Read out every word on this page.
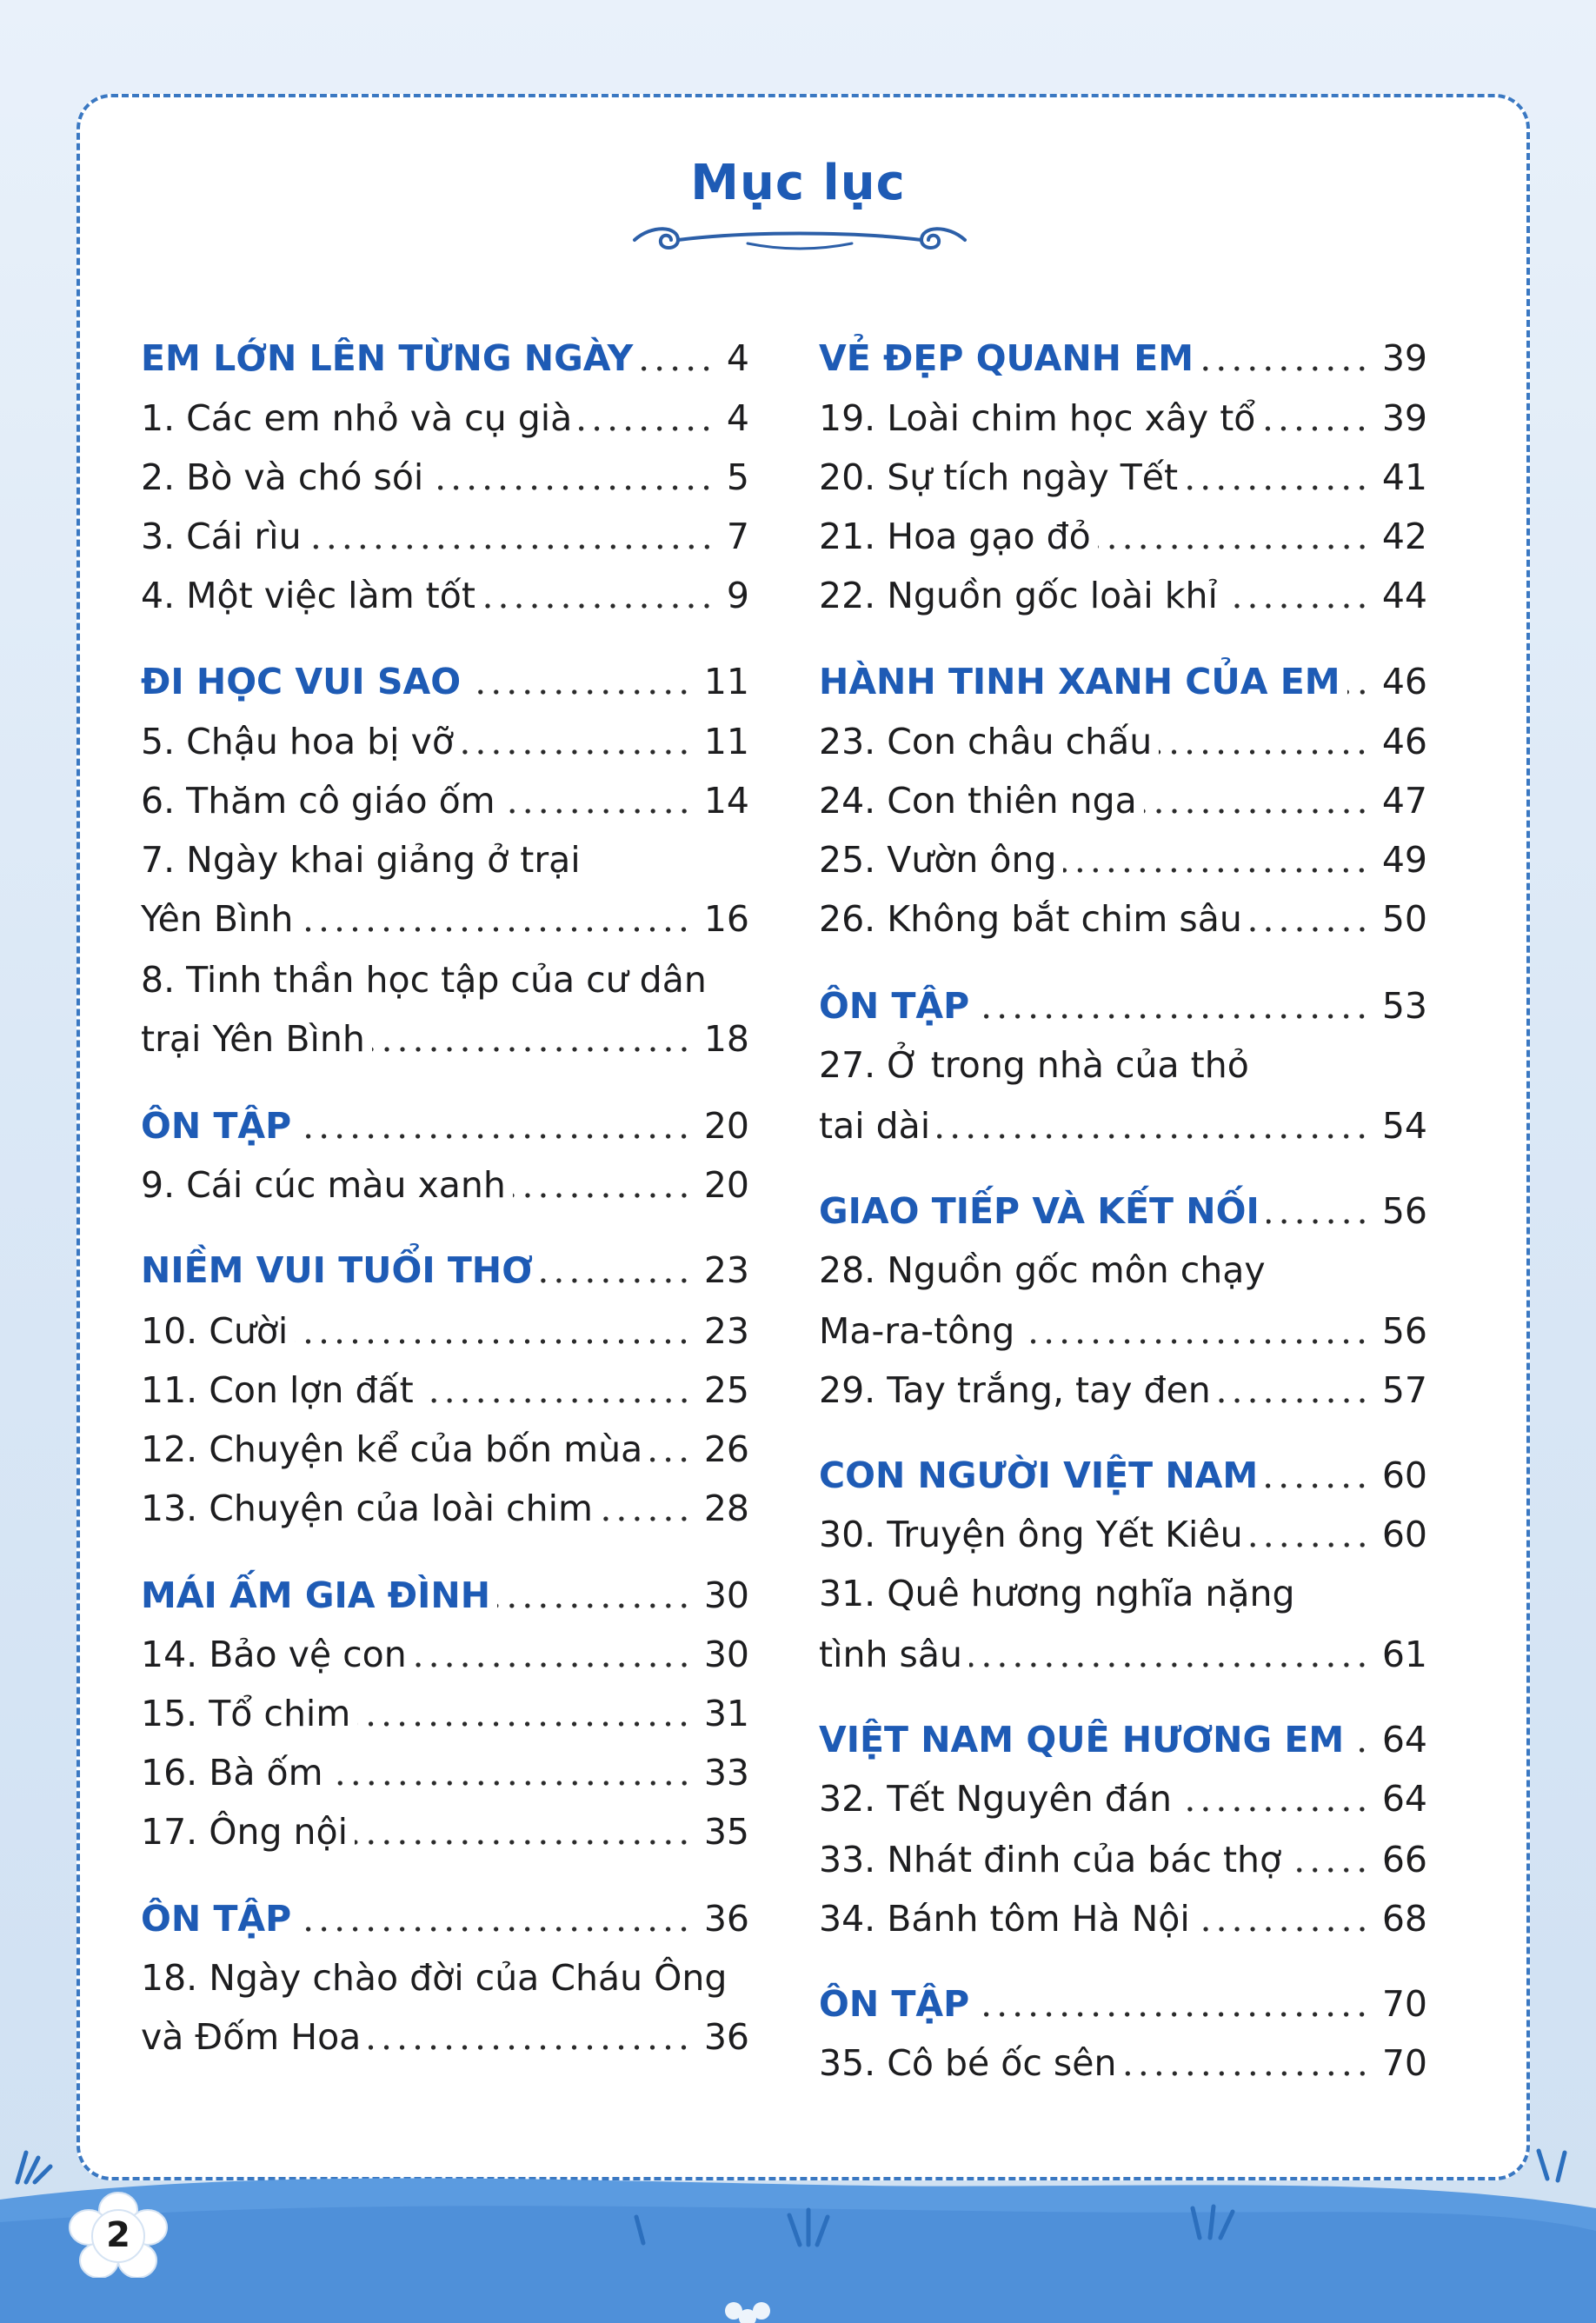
Mục lục
EM LỚN LÊN TỪNG NGÀY	4
1. Các em nhỏ và cụ già	4
2. Bò và chó sói	5
3. Cái rìu	7
4. Một việc làm tốt	9
ĐI HỌC VUI SAO	11
5. Chậu hoa bị vỡ	11
6. Thăm cô giáo ốm	14
7. Ngày khai giảng ở trại
Yên Bình	16
8. Tinh thần học tập của cư dân
trại Yên Bình	18
ÔN TẬP	20
9. Cái cúc màu xanh	20
NIỀM VUI TUỔI THƠ	23
10. Cười	23
11. Con lợn đất	25
12. Chuyện kể của bốn mùa 26
13. Chuyện của loài chim	28
MÁI ẤM GIA ĐÌNH	30
14. Bảo vệ con	30
15. Tổ chim	31
16. Bà ốm	33
17. Ông nội	35
ÔN TẬP	36
18. Ngày chào đời của Cháu Ông
và Đốm Hoa	36
VẺ ĐẸP QUANH EM	39
19. Loài chim học xây tổ	39
20. Sự tích ngày Tết	41
21. Hoa gạo đỏ	42
22. Nguồn gốc loài khỉ	44
HÀNH TINH XANH CỦA EM 46
23. Con châu chấu	46
24. Con thiên nga	47
25. Vườn ông	49
26. Không bắt chim sâu	50
ÔN TẬP	53
27. Ở trong nhà của thỏ
tai dài	54
GIAO TIẾP VÀ KẾT NỐI	56
28. Nguồn gốc môn chạy
Ma-ra-tông	56
29. Tay trắng, tay đen	57
CON NGƯỜI VIỆT NAM	60
30. Truyện ông Yết Kiêu	60
31. Quê hương nghĩa nặng
tình sâu	61
VIỆT NAM QUÊ HƯƠNG EM 64
32. Tết Nguyên đán	64
33. Nhát đinh của bác thợ	66
34. Bánh tôm Hà Nội	68
ÔN TẬP	70
35. Cô bé ốc sên	70
2
